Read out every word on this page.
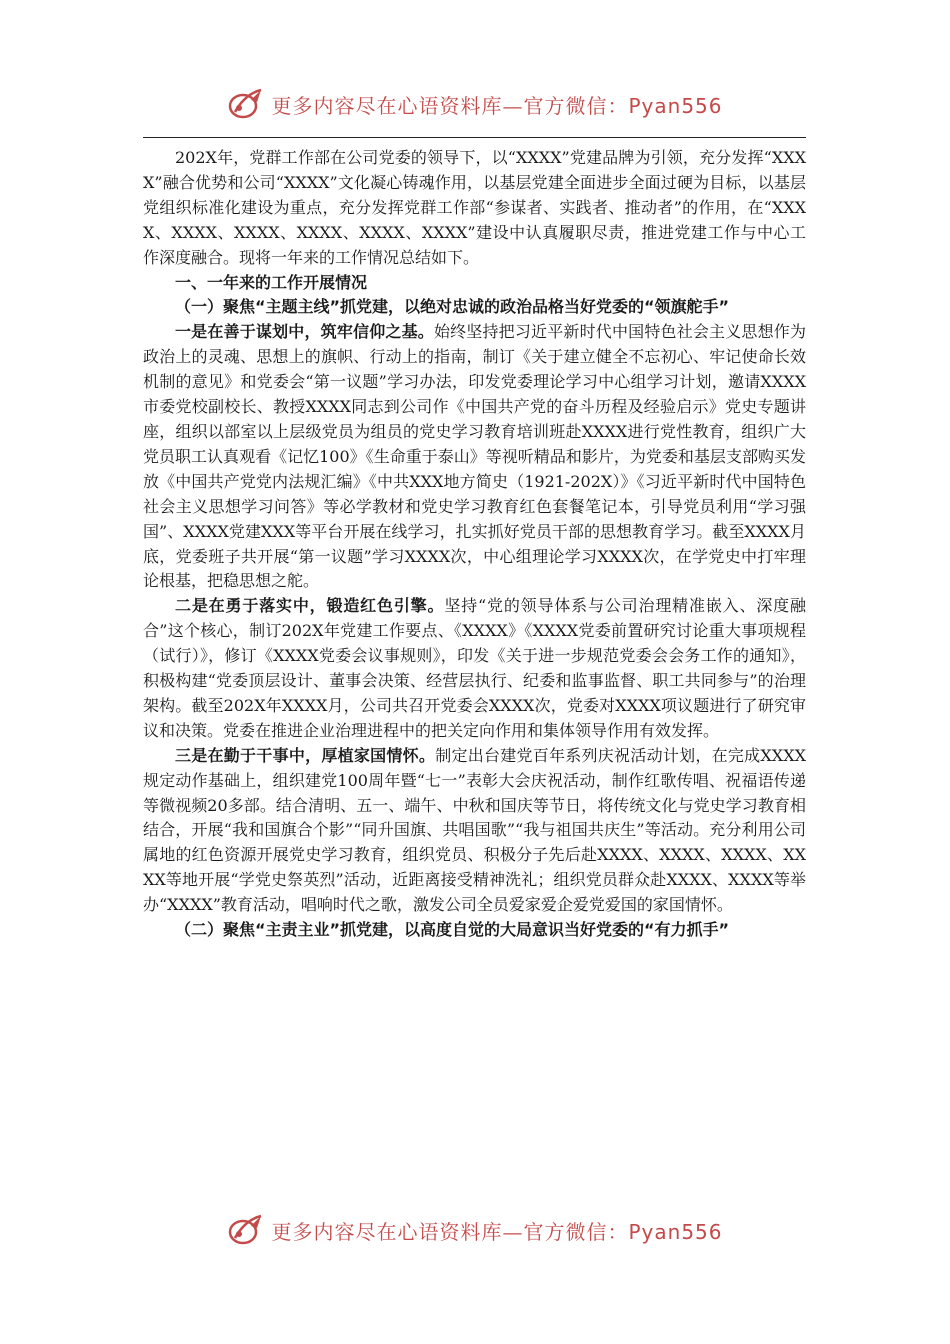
更多内容尽在心语资料库—官方微信：Pyan556

202X年，党群工作部在公司党委的领导下，以“XXXX”党建品牌为引领，充分发挥“XXXX”融合优势和公司“XXXX”文化凝心铸魂作用，以基层党建全面进步全面过硬为目标，以基层党组织标准化建设为重点，充分发挥党群工作部“参谋者、实践者、推动者”的作用，在“XXXX、XXXX、XXXX、XXXX、XXXX、XXXX”建设中认真履职尽责，推进党建工作与中心工作深度融合。现将一年来的工作情况总结如下。

一、一年来的工作开展情况

（一）聚焦“主题主线”抓党建，以绝对忠诚的政治品格当好党委的“领旗舵手”

一是在善于谋划中，筑牢信仰之基。始终坚持把习近平新时代中国特色社会主义思想作为政治上的灵魂、思想上的旗帜、行动上的指南，制订《关于建立健全不忘初心、牢记使命长效机制的意见》和党委会“第一议题”学习办法，印发党委理论学习中心组学习计划，邀请XXXX市委党校副校长、教授XXXX同志到公司作《中国共产党的奋斗历程及经验启示》党史专题讲座，组织以部室以上层级党员为组员的党史学习教育培训班赴XXXX进行党性教育，组织广大党员职工认真观看《记忆100》《生命重于泰山》等视听精品和影片，为党委和基层支部购买发放《中国共产党党内法规汇编》《中共XXX地方简史（1921-202X）》《习近平新时代中国特色社会主义思想学习问答》等必学教材和党史学习教育红色套餐笔记本，引导党员利用“学习强国”、XXXX党建XXX等平台开展在线学习，扎实抓好党员干部的思想教育学习。截至XXXX月底，党委班子共开展“第一议题”学习XXXX次，中心组理论学习XXXX次，在学党史中打牢理论根基，把稳思想之舵。

二是在勇于落实中，锻造红色引擎。坚持“党的领导体系与公司治理精准嵌入、深度融合”这个核心，制订202X年党建工作要点、《XXXX》《XXXX党委前置研究讨论重大事项规程（试行）》，修订《XXXX党委会议事规则》，印发《关于进一步规范党委会会务工作的通知》，积极构建“党委顶层设计、董事会决策、经营层执行、纪委和监事监督、职工共同参与”的治理架构。截至202X年XXXX月，公司共召开党委会XXXX次，党委对XXXX项议题进行了研究审议和决策。党委在推进企业治理进程中的把关定向作用和集体领导作用有效发挥。

三是在勤于干事中，厚植家国情怀。制定出台建党百年系列庆祝活动计划，在完成XXXX规定动作基础上，组织建党100周年暨“七一”表彰大会庆祝活动，制作红歌传唱、祝福语传递等微视频20多部。结合清明、五一、端午、中秋和国庆等节日，将传统文化与党史学习教育相结合，开展“我和国旗合个影”“同升国旗、共唱国歌”“我与祖国共庆生”等活动。充分利用公司属地的红色资源开展党史学习教育，组织党员、积极分子先后赴XXXX、XXXX、XXXX、XXXX等地开展“学党史祭英烈”活动，近距离接受精神洗礼；组织党员群众赴XXXX、XXXX等举办“XXXX”教育活动，唱响时代之歌，激发公司全员爱家爱企爱党爱国的家国情怀。

（二）聚焦“主责主业”抓党建，以高度自觉的大局意识当好党委的“有力抓手”

更多内容尽在心语资料库—官方微信：Pyan556
